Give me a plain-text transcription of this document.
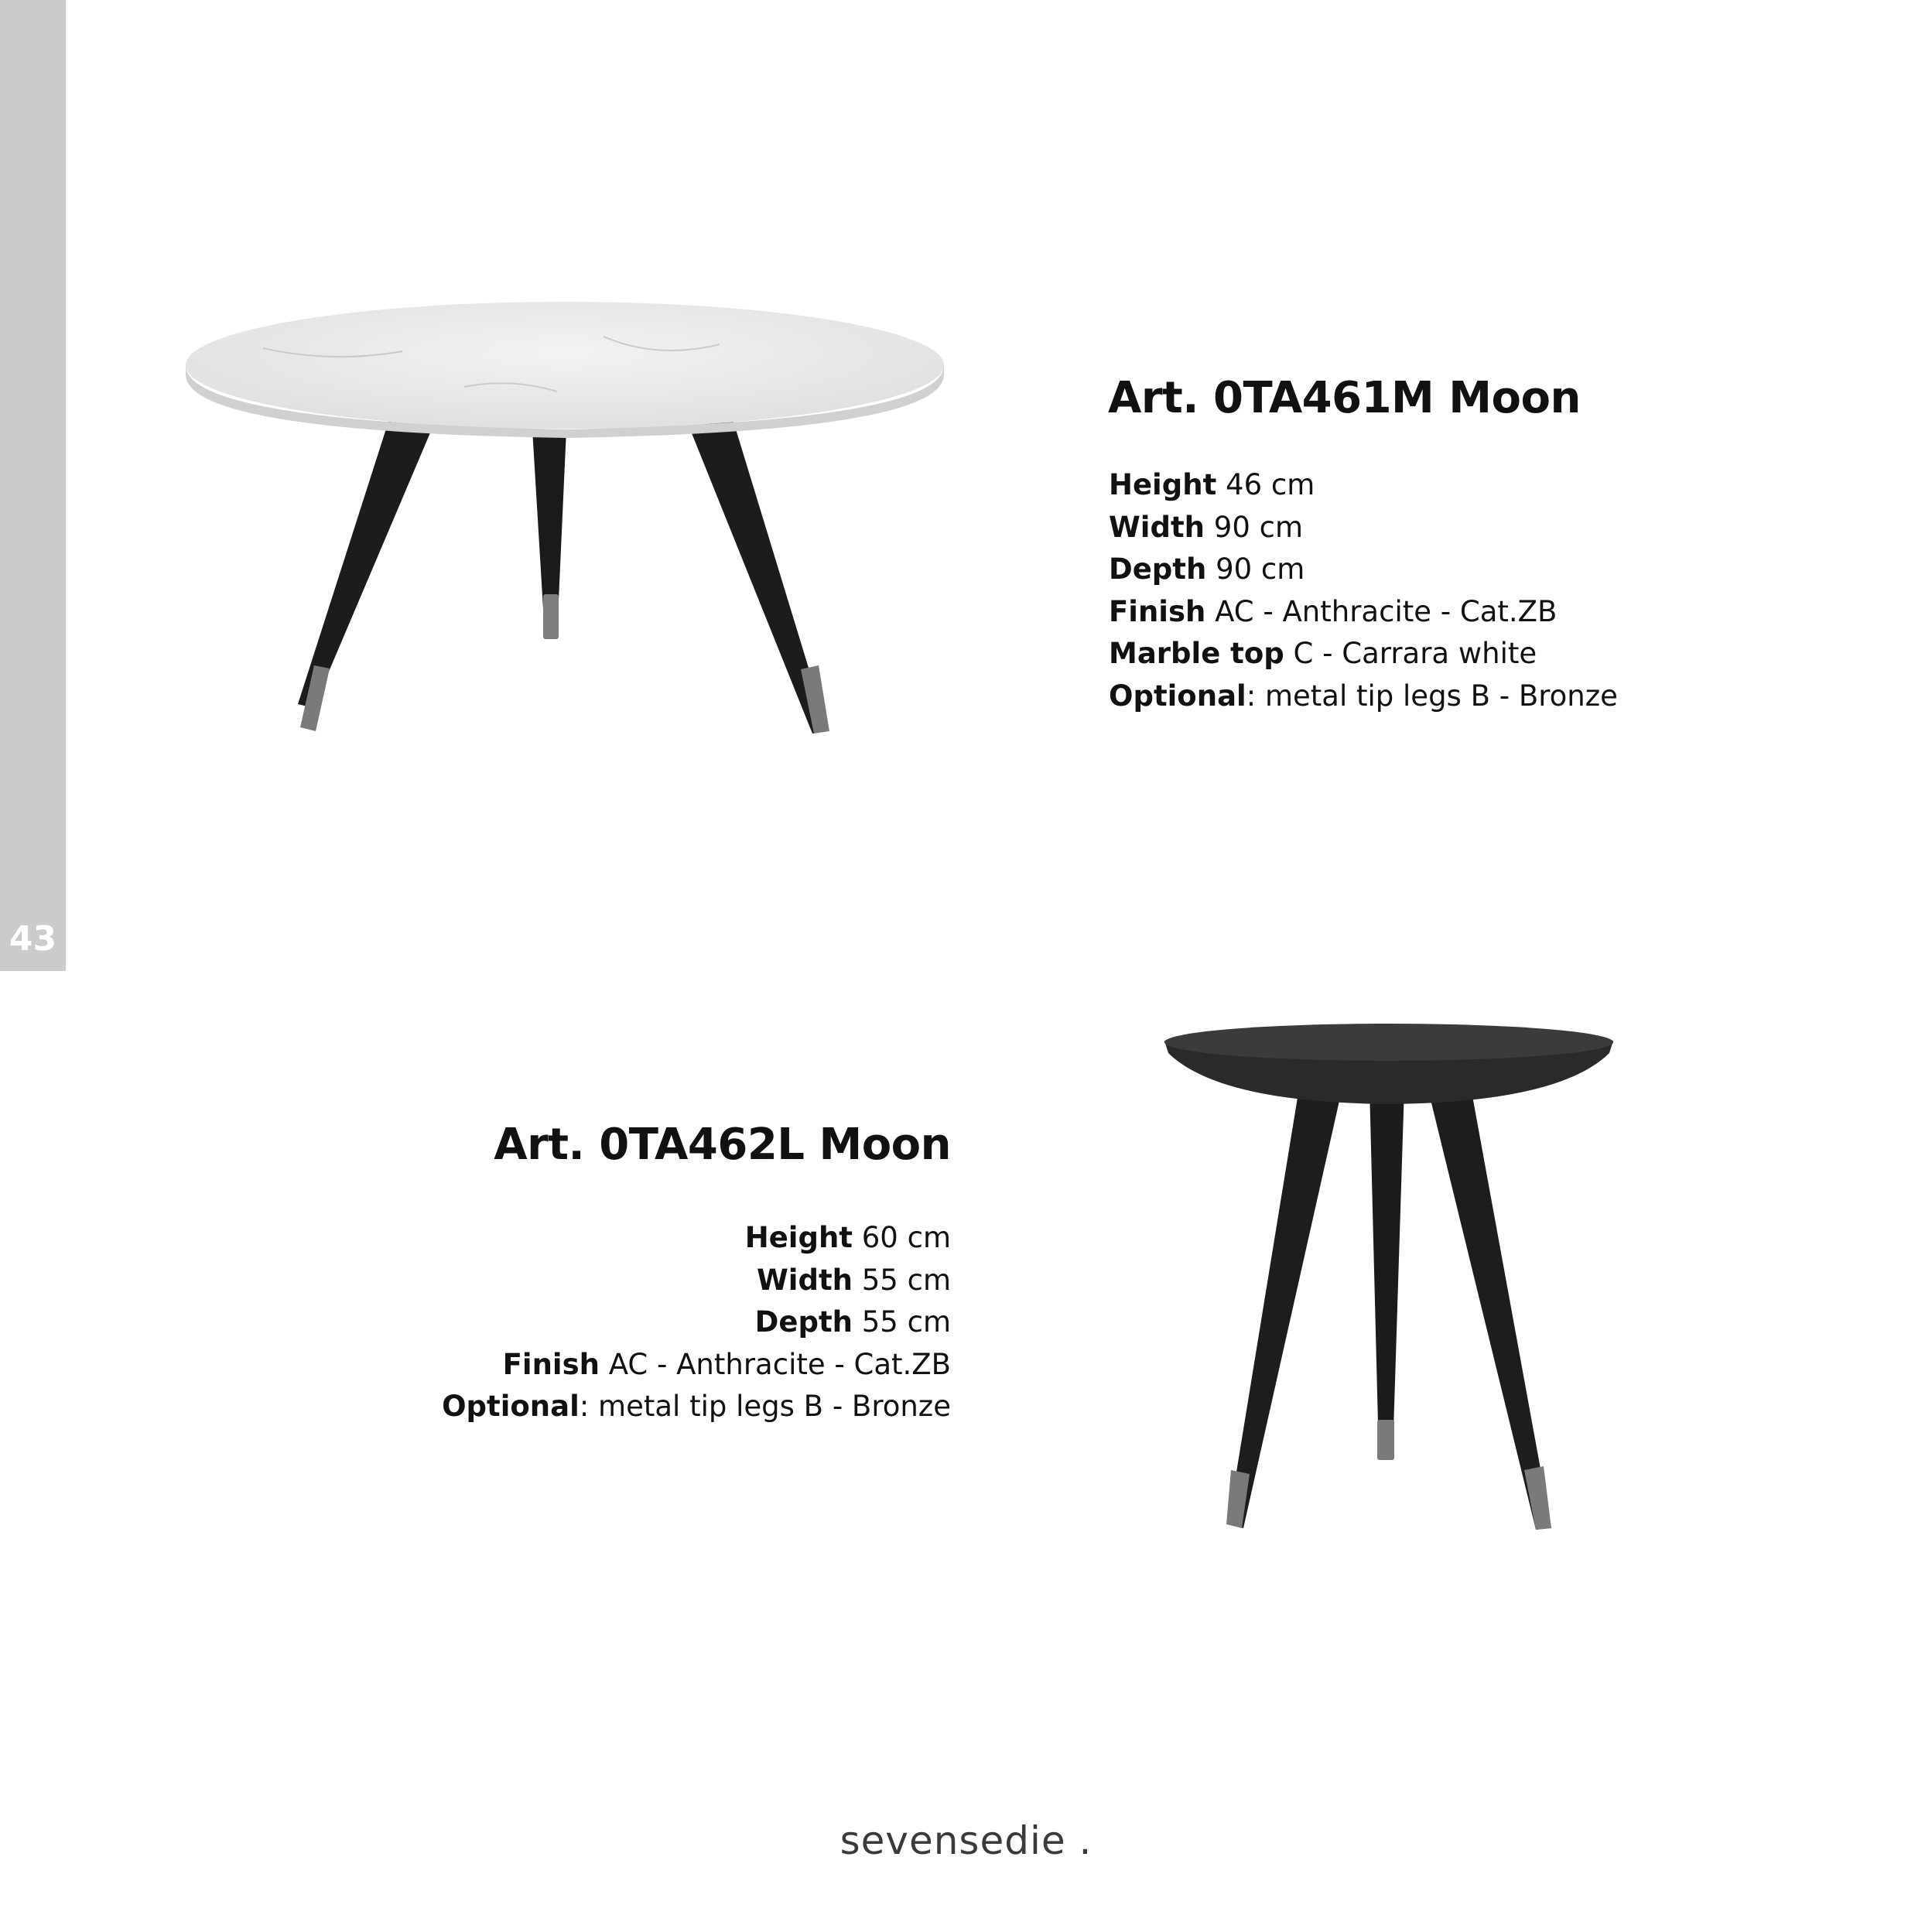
43
Art. 0TA461M Moon
Height 46 cm
Width 90 cm
Depth 90 cm
Finish AC - Anthracite - Cat.ZB
Marble top C - Carrara white
Optional: metal tip legs B - Bronze
Art. 0TA462L Moon
Height 60 cm
Width 55 cm
Depth 55 cm
Finish AC - Anthracite - Cat.ZB
Optional: metal tip legs B - Bronze
sevensedie .
